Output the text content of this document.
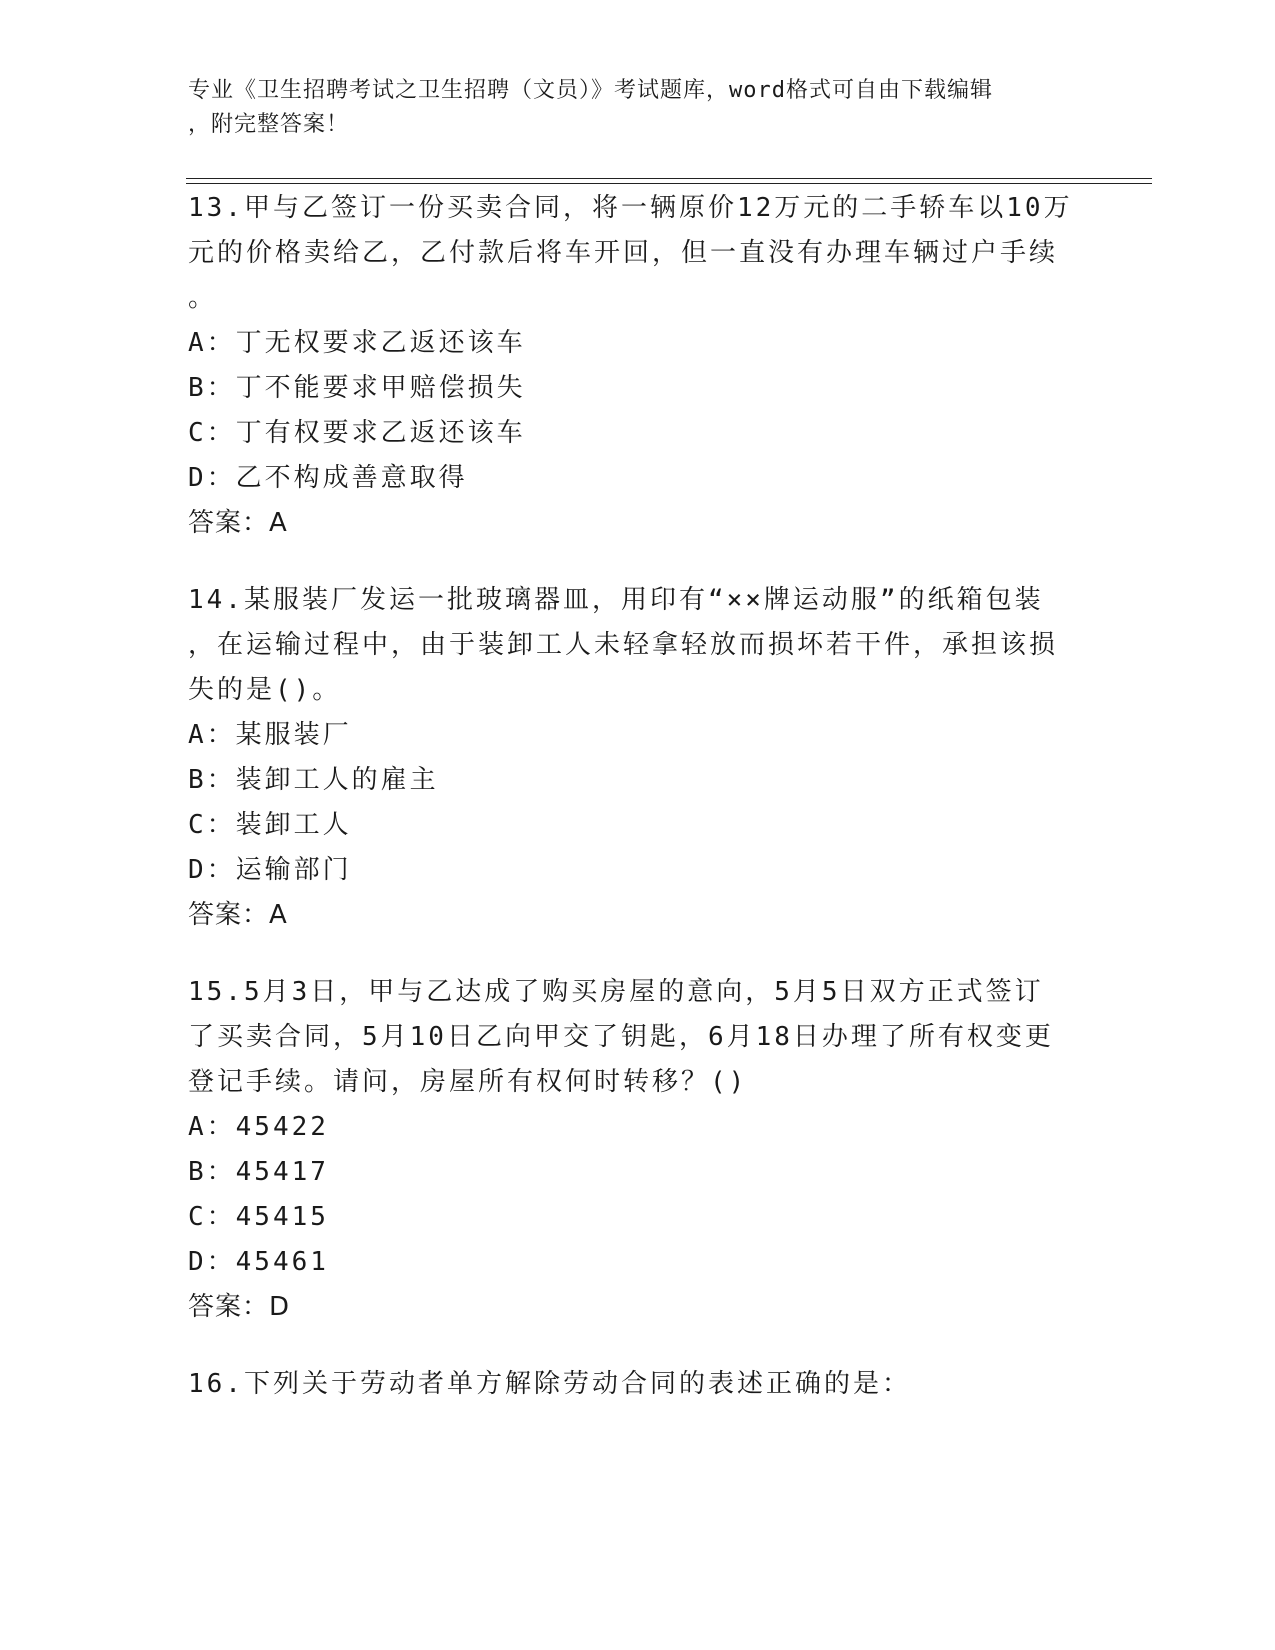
专业《卫生招聘考试之卫生招聘（文员）》考试题库，word格式可自由下载编辑
，附完整答案！

13.甲与乙签订一份买卖合同，将一辆原价12万元的二手轿车以10万
元的价格卖给乙，乙付款后将车开回，但一直没有办理车辆过户手续
。

A：丁无权要求乙返还该车

B：丁不能要求甲赔偿损失

C：丁有权要求乙返还该车

D：乙不构成善意取得

答案：A

14.某服装厂发运一批玻璃器皿，用印有“××牌运动服”的纸箱包装
，在运输过程中，由于装卸工人未轻拿轻放而损坏若干件，承担该损
失的是()。

A：某服装厂

B：装卸工人的雇主

C：装卸工人

D：运输部门

答案：A

15.5月3日，甲与乙达成了购买房屋的意向，5月5日双方正式签订
了买卖合同，5月10日乙向甲交了钥匙，6月18日办理了所有权变更
登记手续。请问，房屋所有权何时转移？()

A：45422

B：45417

C：45415

D：45461

答案：D

16.下列关于劳动者单方解除劳动合同的表述正确的是：
